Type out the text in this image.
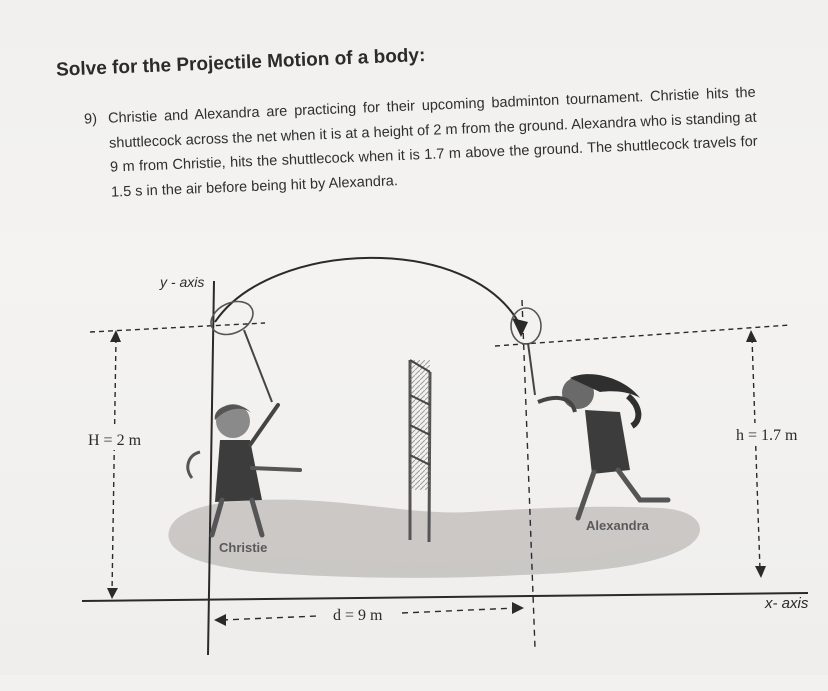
Solve for the Projectile Motion of a body:
9) Christie and Alexandra are practicing for their upcoming badminton tournament. Christie hits the shuttlecock across the net when it is at a height of 2 m from the ground. Alexandra who is standing at 9 m from Christie, hits the shuttlecock when it is 1.7 m above the ground. The shuttlecock travels for 1.5 s in the air before being hit by Alexandra.
H = 2 m	h = 1.7 m
d = 9 m
y - axis
x- axis
Christie
Alexandra
